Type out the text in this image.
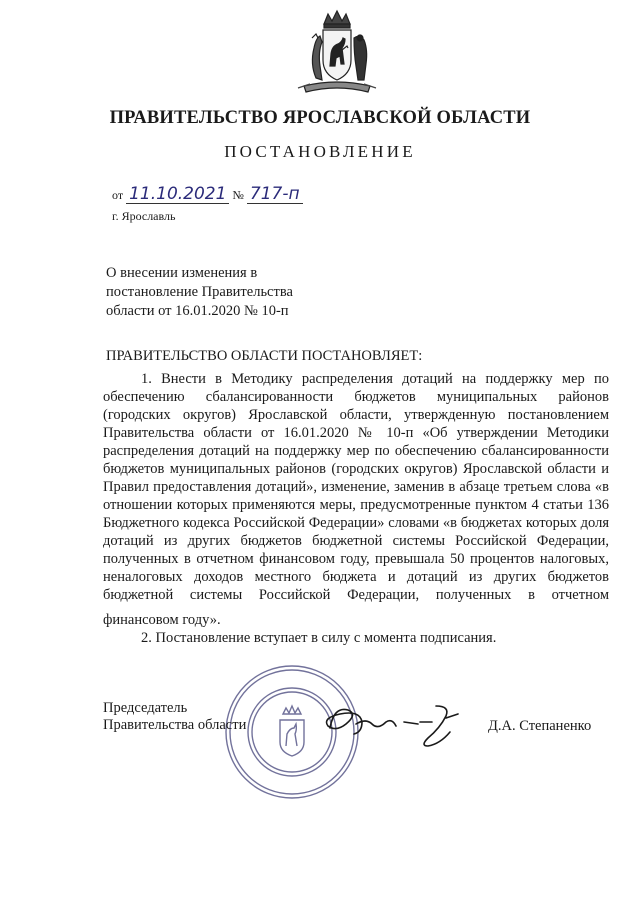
ПРАВИТЕЛЬСТВО ЯРОСЛАВСКОЙ ОБЛАСТИ
ПОСТАНОВЛЕНИЕ
от 11.10.2021 № 717-п
г. Ярославль
О внесении изменения в
постановление Правительства
области от 16.01.2020 № 10-п
ПРАВИТЕЛЬСТВО ОБЛАСТИ ПОСТАНОВЛЯЕТ:
1. Внести в Методику распределения дотаций на поддержку мер по обеспечению сбалансированности бюджетов муниципальных районов (городских округов) Ярославской области, утвержденную постановлением Правительства области от 16.01.2020 № 10-п «Об утверждении Методики распределения дотаций на поддержку мер по обеспечению сбалансированности бюджетов муниципальных районов (городских округов) Ярославской области и Правил предоставления дотаций», изменение, заменив в абзаце третьем слова «в отношении которых применяются меры, предусмотренные пунктом 4 статьи 136 Бюджетного кодекса Российской Федерации» словами «в бюджетах которых доля дотаций из других бюджетов бюджетной системы Российской Федерации, полученных в отчетном финансовом году, превышала 50 процентов налоговых, неналоговых доходов местного бюджета и дотаций из других бюджетов бюджетной системы Российской Федерации, полученных в отчетном
финансовом году».
2. Постановление вступает в силу с момента подписания.
Председатель
Правительства области	Д.А. Степаненко
